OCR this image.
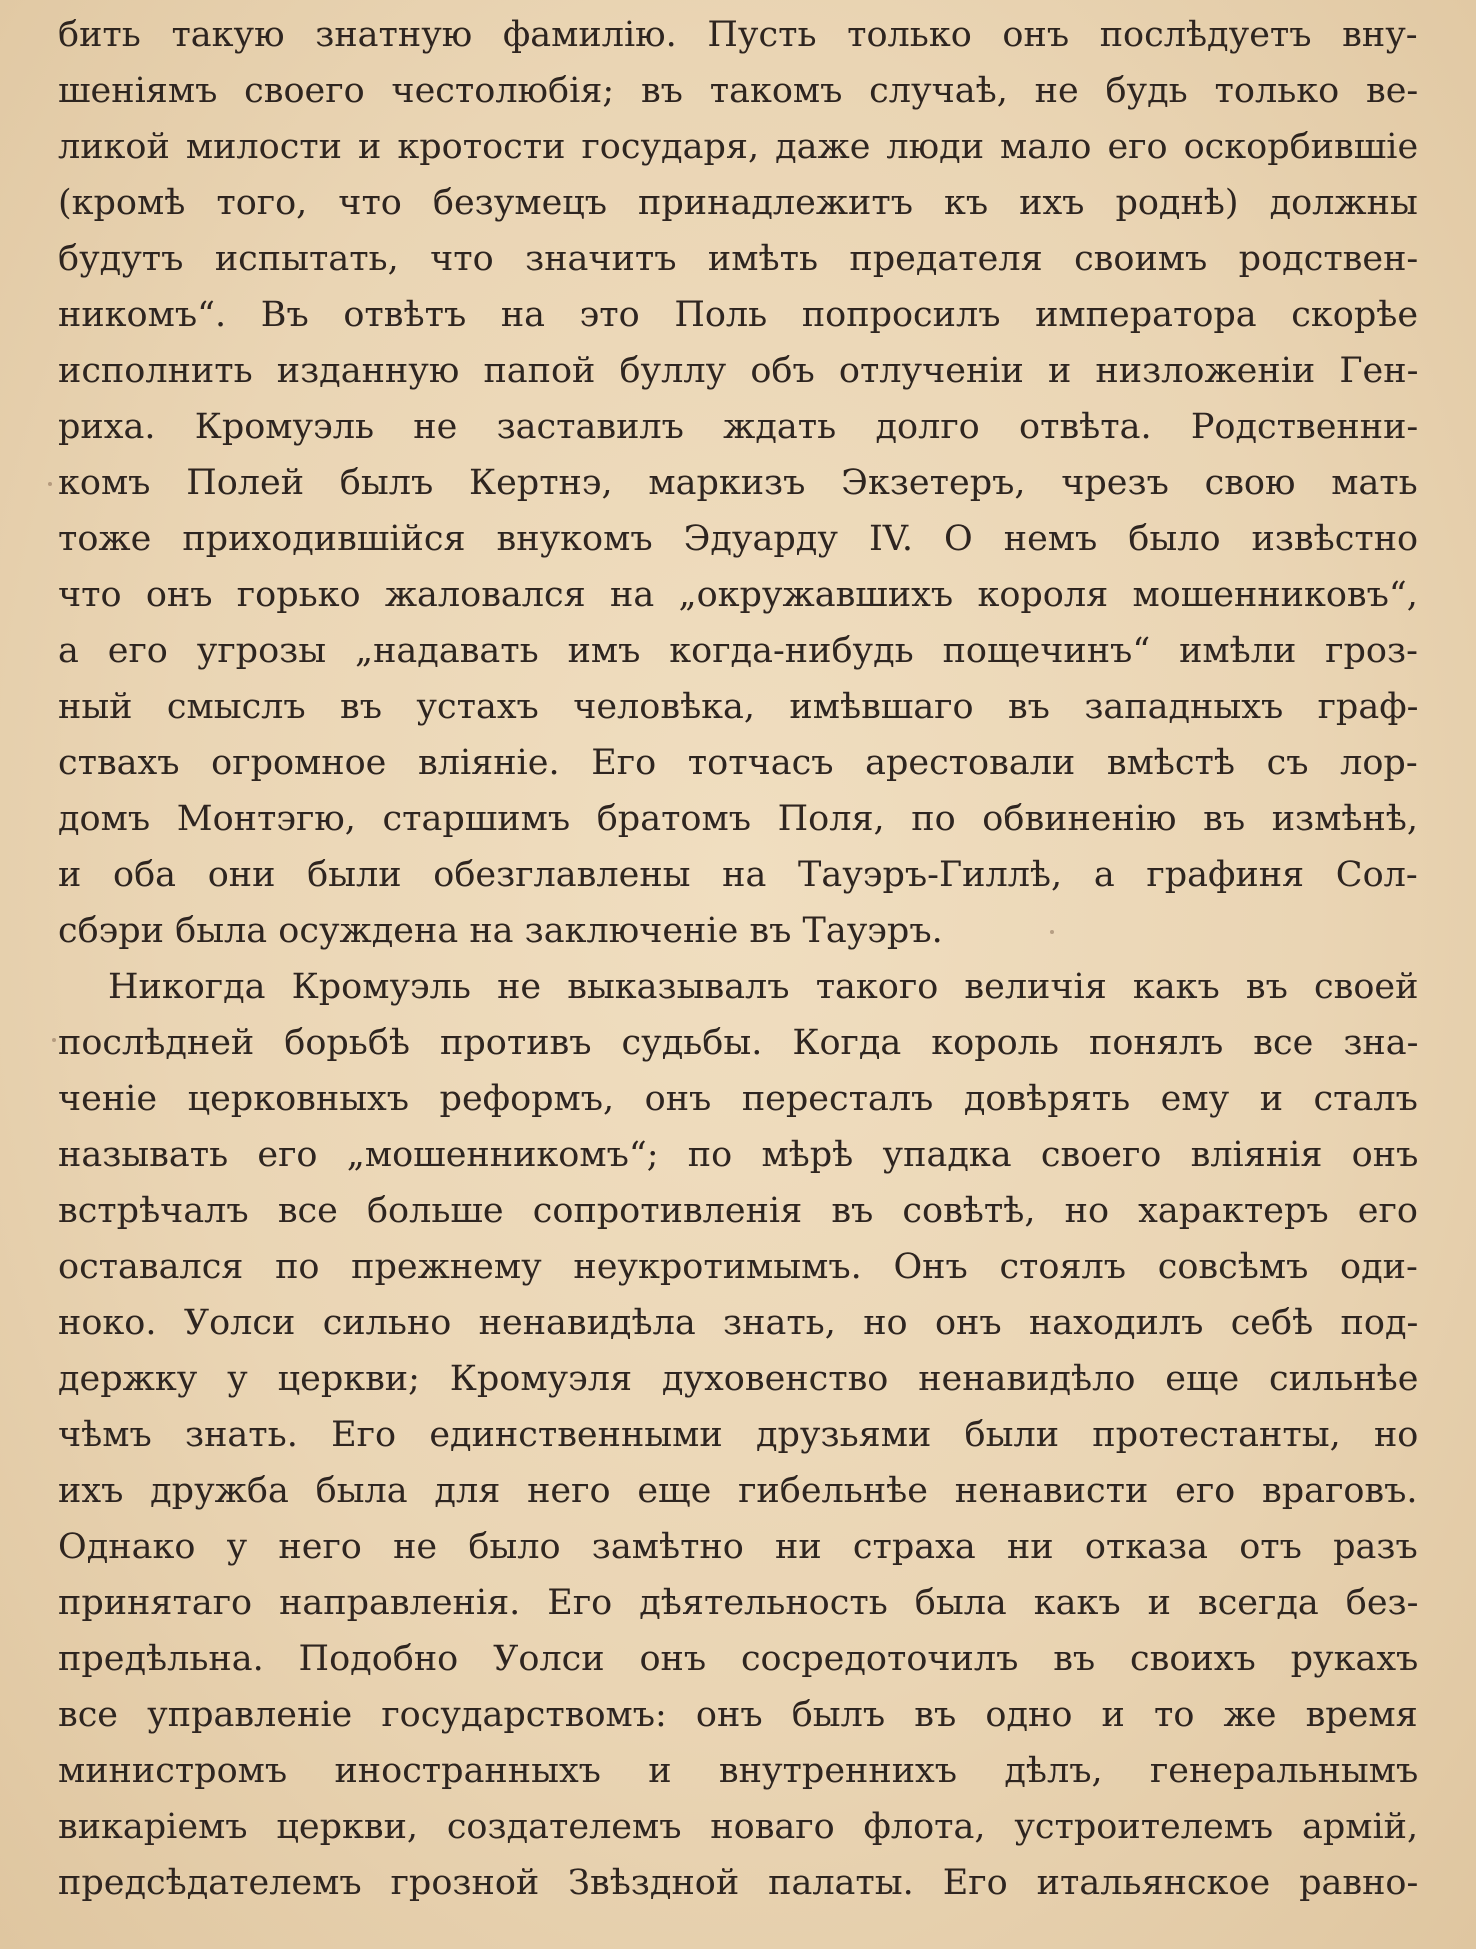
бить такую знатную фамилію. Пусть только онъ послѣдуетъ вну-
шеніямъ своего честолюбія; въ такомъ случаѣ, не будь только ве-
ликой милости и кротости государя, даже люди мало его оскорбившіе
(кромѣ того, что безумецъ принадлежитъ къ ихъ роднѣ) должны
будутъ испытать, что значитъ имѣть предателя своимъ родствен-
никомъ“. Въ отвѣтъ на это Поль попросилъ императора скорѣе
исполнить изданную папой буллу объ отлученіи и низложеніи Ген-
риха. Кромуэль не заставилъ ждать долго отвѣта. Родственни-
комъ Полей былъ Кертнэ, маркизъ Экзетеръ, чрезъ свою мать
тоже приходившійся внукомъ Эдуарду IV. О немъ было извѣстно
что онъ горько жаловался на „окружавшихъ короля мошенниковъ“,
а его угрозы „надавать имъ когда-нибудь пощечинъ“ имѣли гроз-
ный смыслъ въ устахъ человѣка, имѣвшаго въ западныхъ граф-
ствахъ огромное вліяніе. Его тотчасъ арестовали вмѣстѣ съ лор-
домъ Монтэгю, старшимъ братомъ Поля, по обвиненію въ измѣнѣ,
и оба они были обезглавлены на Тауэръ-Гиллѣ, а графиня Сол-
сбэри была осуждена на заключеніе въ Тауэръ.
Никогда Кромуэль не выказывалъ такого величія какъ въ своей
послѣдней борьбѣ противъ судьбы. Когда король понялъ все зна-
ченіе церковныхъ реформъ, онъ пересталъ довѣрять ему и сталъ
называть его „мошенникомъ“; по мѣрѣ упадка своего вліянія онъ
встрѣчалъ все больше сопротивленія въ совѣтѣ, но характеръ его
оставался по прежнему неукротимымъ. Онъ стоялъ совсѣмъ оди-
ноко. Уолси сильно ненавидѣла знать, но онъ находилъ себѣ под-
держку у церкви; Кромуэля духовенство ненавидѣло еще сильнѣе
чѣмъ знать. Его единственными друзьями были протестанты, но
ихъ дружба была для него еще гибельнѣе ненависти его враговъ.
Однако у него не было замѣтно ни страха ни отказа отъ разъ
принятаго направленія. Его дѣятельность была какъ и всегда без-
предѣльна. Подобно Уолси онъ сосредоточилъ въ своихъ рукахъ
все управленіе государствомъ: онъ былъ въ одно и то же время
министромъ иностранныхъ и внутреннихъ дѣлъ, генеральнымъ
викаріемъ церкви, создателемъ новаго флота, устроителемъ армій,
предсѣдателемъ грозной Звѣздной палаты. Его итальянское равно-
